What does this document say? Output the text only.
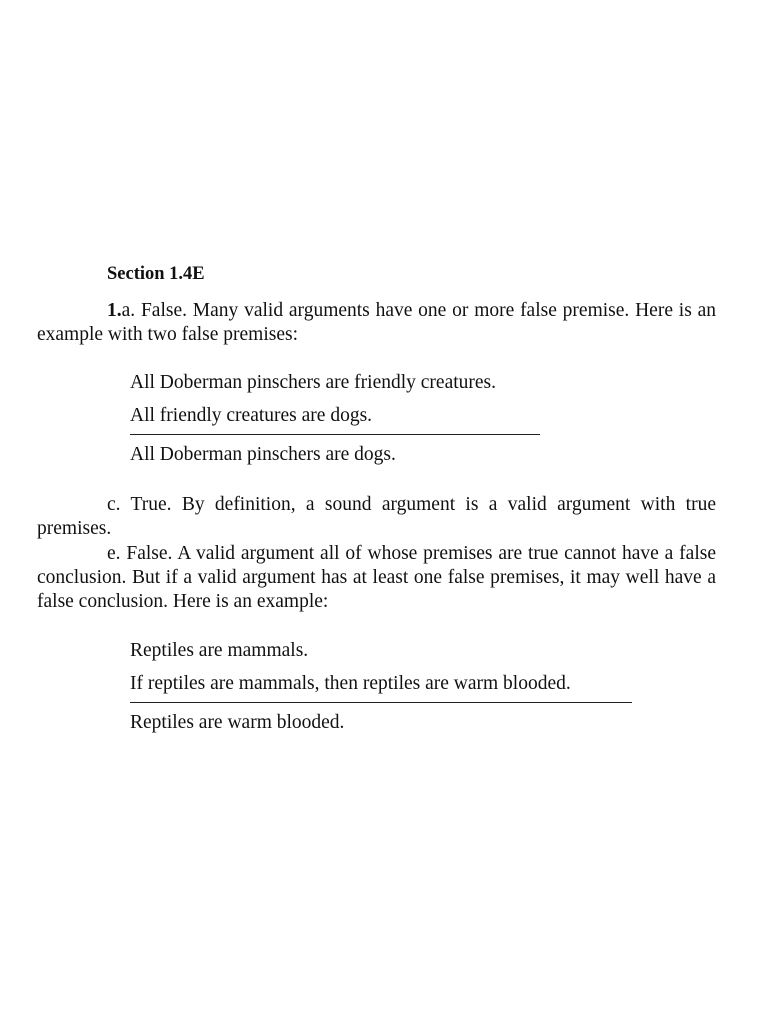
Section 1.4E

1.a. False. Many valid arguments have one or more false premise. Here is an example with two false premises:

All Doberman pinschers are friendly creatures.
All friendly creatures are dogs.
All Doberman pinschers are dogs.

c. True. By definition, a sound argument is a valid argument with true premises.

e. False. A valid argument all of whose premises are true cannot have a false conclusion. But if a valid argument has at least one false premises, it may well have a false conclusion. Here is an example:

Reptiles are mammals.
If reptiles are mammals, then reptiles are warm blooded.
Reptiles are warm blooded.
